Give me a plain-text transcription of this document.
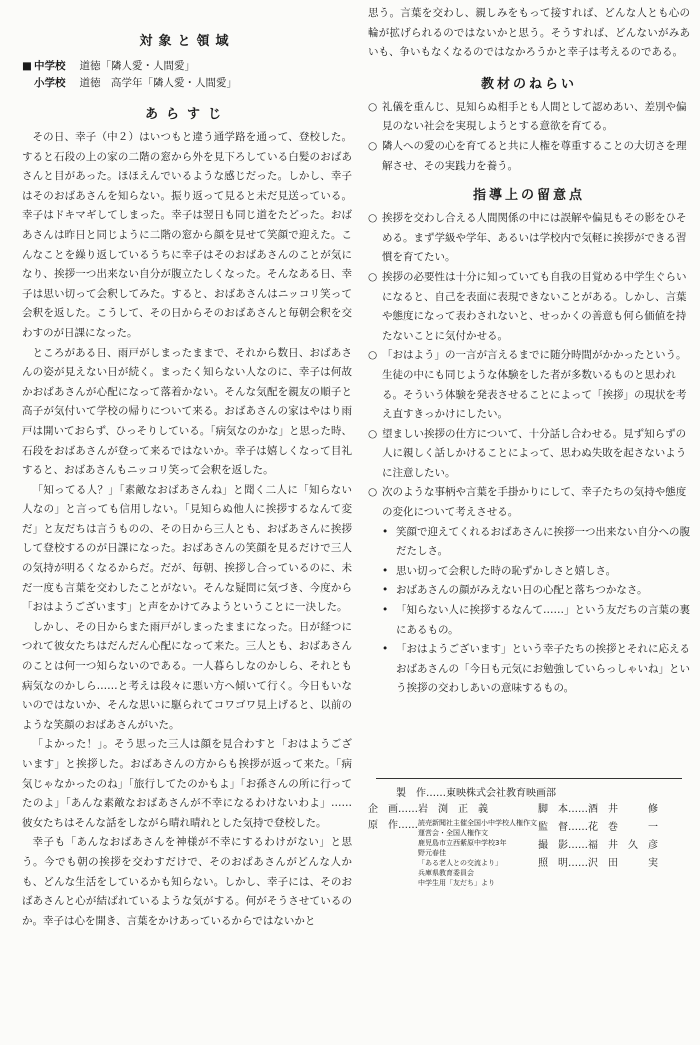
対象と領域
■ 中学校 道徳「隣人愛・人間愛」
小学校 道徳　高学年「隣人愛・人間愛」
あらすじ

その日、幸子（中２）はいつもと違う通学路を通って、登校した。すると石段の上の家の二階の窓から外を見下ろしている白髪のおばあさんと目があった。ほほえんでいるような感じだった。しかし、幸子はそのおばあさんを知らない。振り返って見ると未だ見送っている。幸子はドキマギしてしまった。幸子は翌日も同じ道をたどった。おばあさんは昨日と同じように二階の窓から顔を見せて笑顔で迎えた。こんなことを繰り返しているうちに幸子はそのおばあさんのことが気になり、挨拶一つ出来ない自分が腹立たしくなった。そんなある日、幸子は思い切って会釈してみた。すると、おばあさんはニッコリ笑って会釈を返した。こうして、その日からそのおばあさんと毎朝会釈を交わすのが日課になった。

ところがある日、雨戸がしまったままで、それから数日、おばあさんの姿が見えない日が続く。まったく知らない人なのに、幸子は何故かおばあさんが心配になって落着かない。そんな気配を親友の順子と高子が気付いて学校の帰りについて来る。おばあさんの家はやはり雨戸は開いておらず、ひっそりしている。「病気なのかな」と思った時、石段をおばあさんが登って来るではないか。幸子は嬉しくなって目礼すると、おばあさんもニッコリ笑って会釈を返した。

「知ってる人？」「素敵なおばあさんね」と聞く二人に「知らない人なの」と言っても信用しない。「見知らぬ他人に挨拶するなんて変だ」と友だちは言うものの、その日から三人とも、おばあさんに挨拶して登校するのが日課になった。おばあさんの笑顔を見るだけで三人の気持が明るくなるからだ。だが、毎朝、挨拶し合っているのに、未だ一度も言葉を交わしたことがない。そんな疑問に気づき、今度から「おはようございます」と声をかけてみようということに一決した。

しかし、その日からまた雨戸がしまったままになった。日が経つにつれて彼女たちはだんだん心配になって来た。三人とも、おばあさんのことは何一つ知らないのである。一人暮らしなのかしら、それとも病気なのかしら……と考えは段々に悪い方へ傾いて行く。今日もいないのではないか、そんな思いに駆られてコワゴワ見上げると、以前のような笑顔のおばあさんがいた。

「よかった！」。そう思った三人は顔を見合わすと「おはようございます」と挨拶した。おばあさんの方からも挨拶が返って来た。「病気じゃなかったのね」「旅行してたのかもよ」「お孫さんの所に行ってたのよ」「あんな素敵なおばあさんが不幸になるわけないわよ」……彼女たちはそんな話をしながら晴れ晴れとした気持で登校した。

幸子も「あんなおばあさんを神様が不幸にするわけがない」と思う。今でも朝の挨拶を交わすだけで、そのおばあさんがどんな人かも、どんな生活をしているかも知らない。しかし、幸子には、そのおばあさんと心が結ばれているような気がする。何がそうさせているのか。幸子は心を開き、言葉をかけあっているからではないかと

思う。言葉を交わし、親しみをもって接すれば、どんな人とも心の輪が拡げられるのではないかと思う。そうすれば、どんないがみあいも、争いもなくなるのではなかろうかと幸子は考えるのである。

教材のねらい
○ 礼儀を重んじ、見知らぬ相手とも人間として認めあい、差別や偏見のない社会を実現しようとする意欲を育てる。
○ 隣人への愛の心を育てると共に人権を尊重することの大切さを理解させ、その実践力を養う。
指導上の留意点
○ 挨拶を交わし合える人間関係の中には誤解や偏見もその影をひそめる。まず学級や学年、あるいは学校内で気軽に挨拶ができる習慣を育てたい。
○ 挨拶の必要性は十分に知っていても自我の目覚める中学生ぐらいになると、自己を表面に表現できないことがある。しかし、言葉や態度になって表わされないと、せっかくの善意も何ら価値を持たないことに気付かせる。
○ 「おはよう」の一言が言えるまでに随分時間がかかったという。生徒の中にも同じような体験をした者が多数いるものと思われる。そういう体験を発表させることによって「挨拶」の現状を考え直すきっかけにしたい。
○ 望ましい挨拶の仕方について、十分話し合わせる。見ず知らずの人に親しく話しかけることによって、思わぬ失敗を起さないように注意したい。
○ 次のような事柄や言葉を手掛かりにして、幸子たちの気持や態度の変化について考えさせる。
• 笑顔で迎えてくれるおばあさんに挨拶一つ出来ない自分への腹だたしさ。
• 思い切って会釈した時の恥ずかしさと嬉しさ。
• おばあさんの顔がみえない日の心配と落ちつかなさ。
• 「知らない人に挨拶するなんて……」という友だちの言葉の裏にあるもの。
• 「おはようございます」という幸子たちの挨拶とそれに応えるおばあさんの「今日も元気にお勉強していらっしゃいね」という挨拶の交わしあいの意味するもの。
製　作……東映株式会社教育映画部
企　画……岩　渕　正　義
原　作…… 読売新聞社主催全国小中学校人権作文
運営会・全国人権作文
鹿児島市立西紫原中学校3年
野元春佳
「ある老人との交流より」
兵庫県教育委員会
中学生用「友だち」より
脚　本……酒　井　　　修
監　督……花　巻　　　一
撮　影……福　井　久　彦
照　明……沢　田　　　実
